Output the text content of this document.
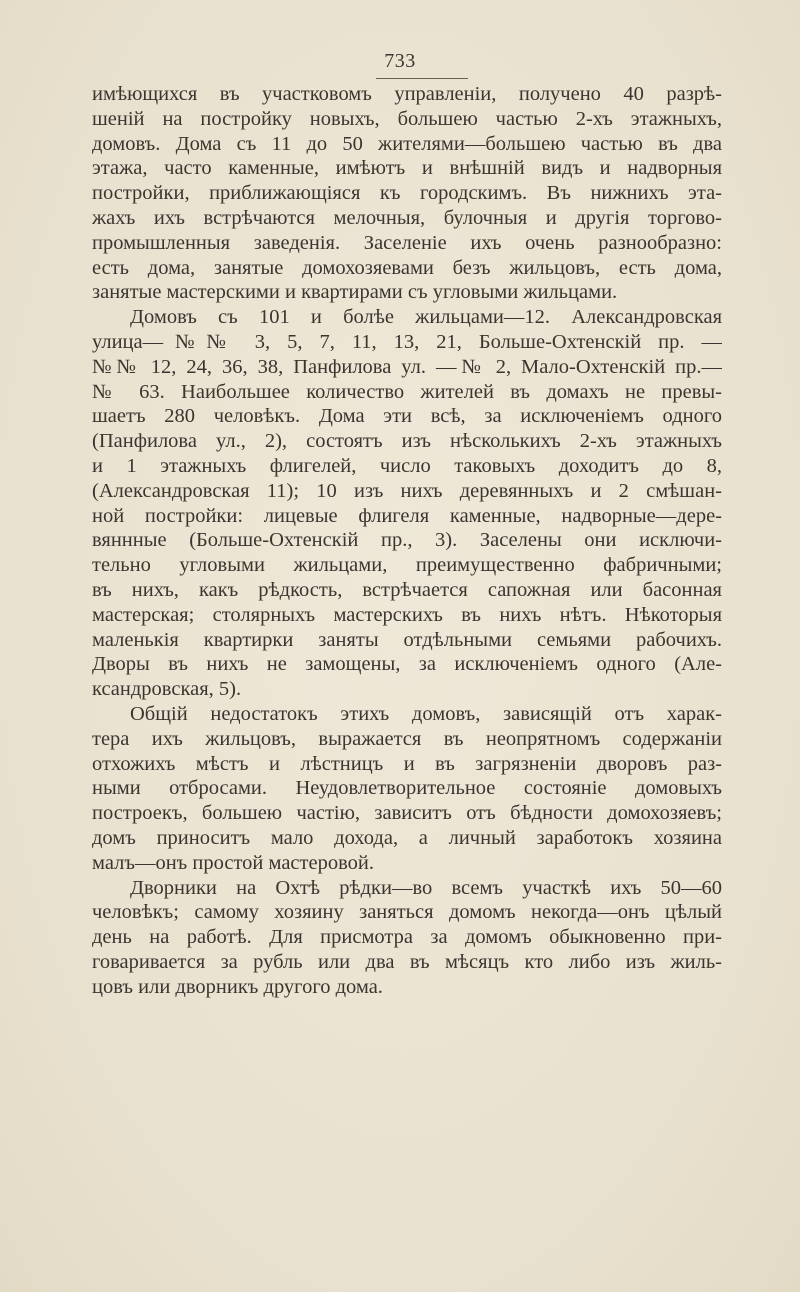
733
имѣющихся въ участковомъ управленіи, получено 40 разрѣ-
шеній на постройку новыхъ, большею частью 2-хъ этажныхъ,
домовъ. Дома съ 11 до 50 жителями—большею частью въ два
этажа, часто каменные, имѣютъ и внѣшній видъ и надворныя
постройки, приближающіяся къ городскимъ. Въ нижнихъ эта-
жахъ ихъ встрѣчаются мелочныя, булочныя и другія торгово-
промышленныя заведенія. Заселеніе ихъ очень разнообразно:
есть дома, занятые домохозяевами безъ жильцовъ, есть дома,
занятые мастерскими и квартирами съ угловыми жильцами.
Домовъ съ 101 и болѣе жильцами—12. Александровская
улица—№№ 3, 5, 7, 11, 13, 21, Больше-Охтенскій пр. —
№№ 12, 24, 36, 38, Панфилова ул. —№ 2, Мало-Охтенскій пр.—
№ 63. Наибольшее количество жителей въ домахъ не превы-
шаетъ 280 человѣкъ. Дома эти всѣ, за исключеніемъ одного
(Панфилова ул., 2), состоятъ изъ нѣсколькихъ 2-хъ этажныхъ
и 1 этажныхъ флигелей, число таковыхъ доходитъ до 8,
(Александровская 11); 10 изъ нихъ деревянныхъ и 2 смѣшан-
ной постройки: лицевые флигеля каменные, надворные—дере-
вяннные (Больше-Охтенскій пр., 3). Заселены они исключи-
тельно угловыми жильцами, преимущественно фабричными;
въ нихъ, какъ рѣдкость, встрѣчается сапожная или басонная
мастерская; столярныхъ мастерскихъ въ нихъ нѣтъ. Нѣкоторыя
маленькія квартирки заняты отдѣльными семьями рабочихъ.
Дворы въ нихъ не замощены, за исключеніемъ одного (Але-
ксандровская, 5).
Общій недостатокъ этихъ домовъ, зависящій отъ харак-
тера ихъ жильцовъ, выражается въ неопрятномъ содержаніи
отхожихъ мѣстъ и лѣстницъ и въ загрязненіи дворовъ раз-
ными отбросами. Неудовлетворительное состояніе домовыхъ
построекъ, большею частію, зависитъ отъ бѣдности домохозяевъ;
домъ приноситъ мало дохода, а личный заработокъ хозяина
малъ—онъ простой мастеровой.
Дворники на Охтѣ рѣдки—во всемъ участкѣ ихъ 50—60
человѣкъ; самому хозяину заняться домомъ некогда—онъ цѣлый
день на работѣ. Для присмотра за домомъ обыкновенно при-
говаривается за рубль или два въ мѣсяцъ кто либо изъ жиль-
цовъ или дворникъ другого дома.
